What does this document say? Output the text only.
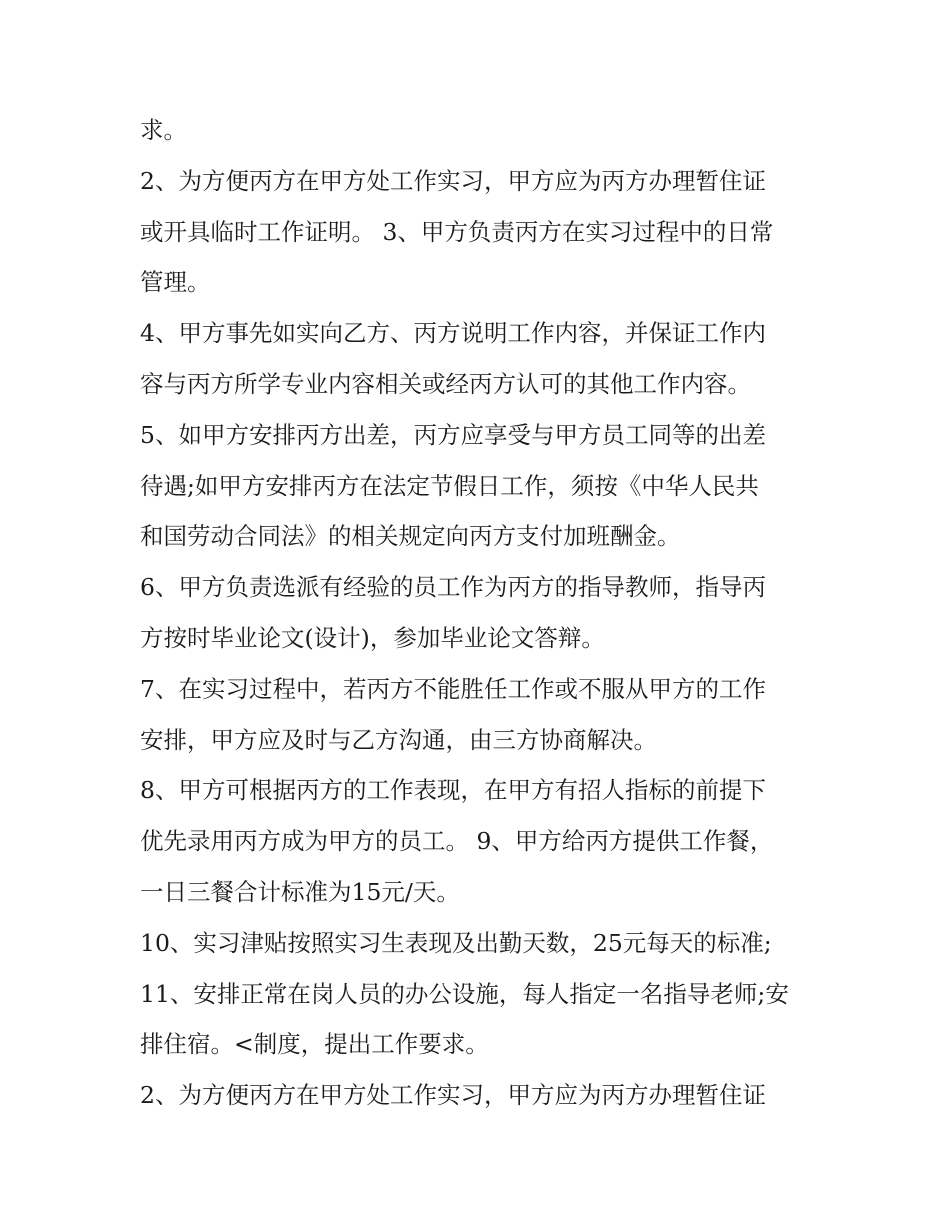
求。
2、为方便丙方在甲方处工作实习，甲方应为丙方办理暂住证
或开具临时工作证明。 3、甲方负责丙方在实习过程中的日常
管理。
4、甲方事先如实向乙方、丙方说明工作内容，并保证工作内
容与丙方所学专业内容相关或经丙方认可的其他工作内容。
5、如甲方安排丙方出差，丙方应享受与甲方员工同等的出差
待遇;如甲方安排丙方在法定节假日工作，须按《中华人民共
和国劳动合同法》的相关规定向丙方支付加班酬金。
6、甲方负责选派有经验的员工作为丙方的指导教师，指导丙
方按时毕业论文(设计)，参加毕业论文答辩。
7、在实习过程中，若丙方不能胜任工作或不服从甲方的工作
安排，甲方应及时与乙方沟通，由三方协商解决。
8、甲方可根据丙方的工作表现，在甲方有招人指标的前提下
优先录用丙方成为甲方的员工。 9、甲方给丙方提供工作餐，
一日三餐合计标准为15元/天。
10、实习津贴按照实习生表现及出勤天数，25元每天的标准;
11、安排正常在岗人员的办公设施，每人指定一名指导老师;安
排住宿。<制度，提出工作要求。
2、为方便丙方在甲方处工作实习，甲方应为丙方办理暂住证
